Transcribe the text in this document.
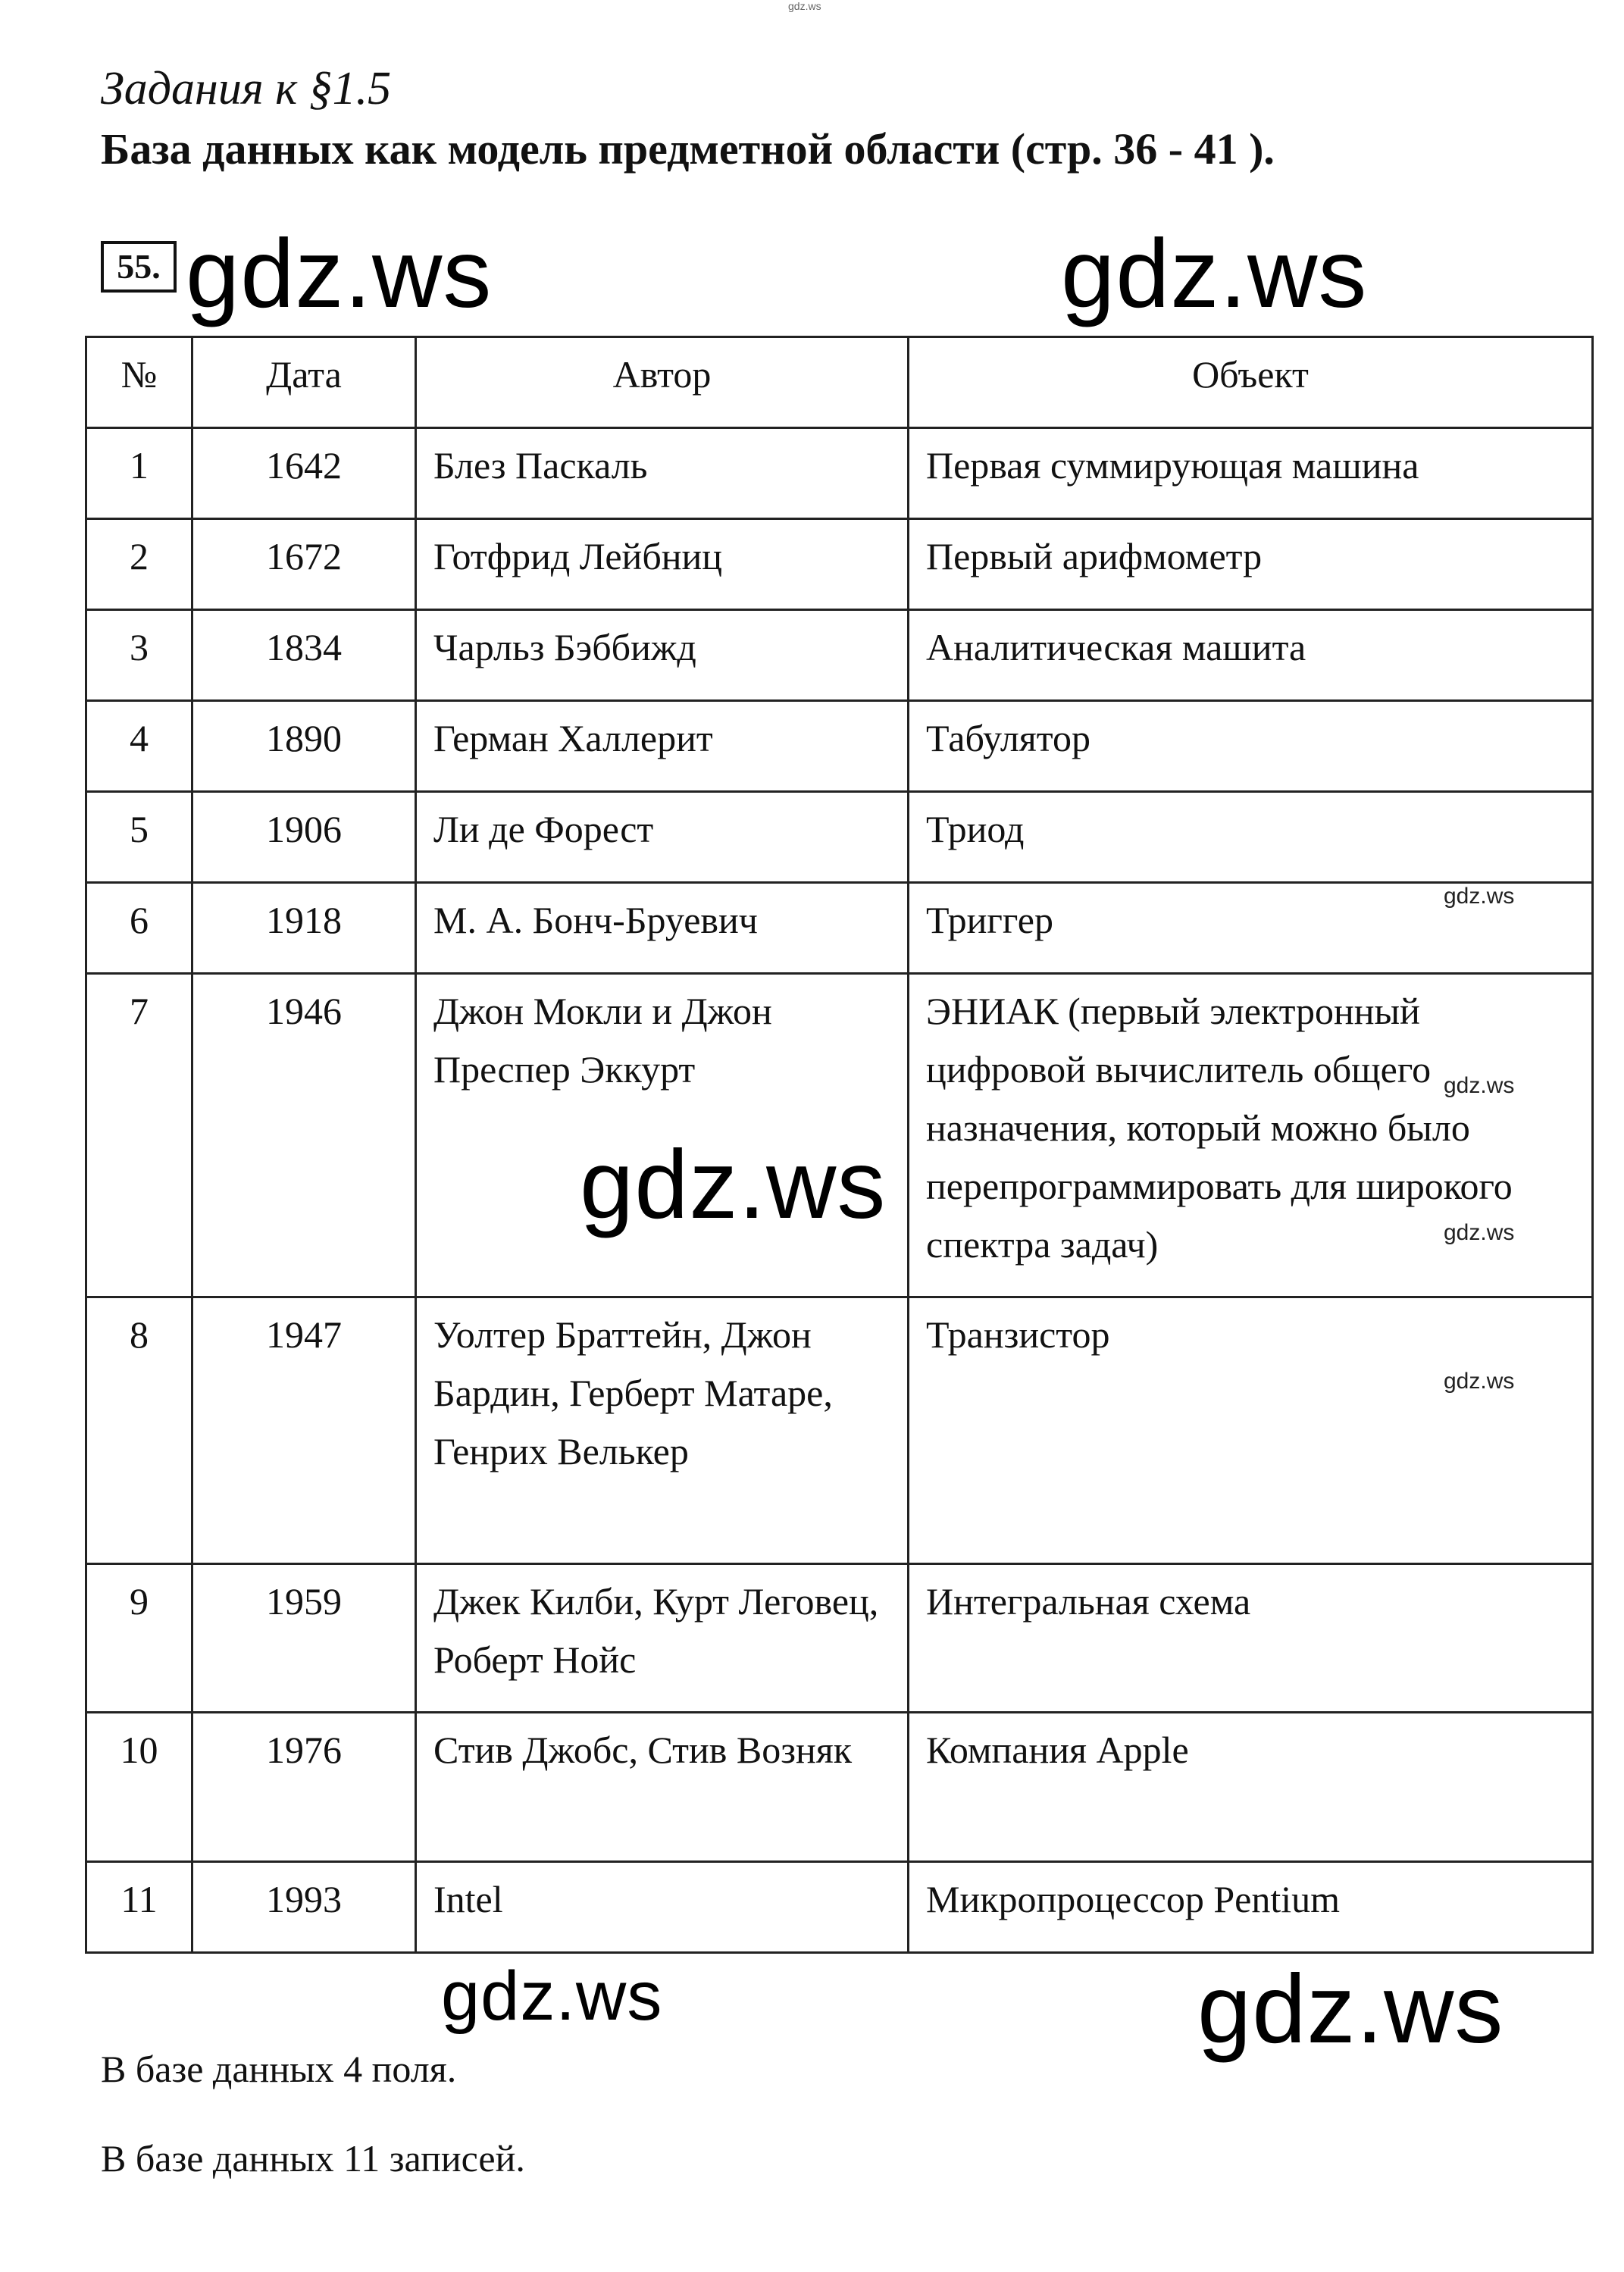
gdz.ws
Задания к §1.5
База данных как модель предметной области (стр. 36 - 41 ).
55. gdz.ws	gdz.ws
№	Дата	Автор	Объект
1	1642	Блез Паскаль	Первая суммирующая машина
2	1672	Готфрид Лейбниц	Первый арифмометр
3	1834	Чарльз Бэббижд	Аналитическая машита
4	1890	Герман Халлерит	Табулятор
5	1906	Ли де Форест	Триод
6	1918	М. А. Бонч-Бруевич	Триггер
7	1946	Джон Мокли и Джон Преспер Эккурт	ЭНИАК (первый электронный цифровой вычислитель общего назначения, который можно было перепрограммировать для широкого спектра задач)
8	1947	Уолтер Браттейн, Джон Бардин, Герберт Матаре, Генрих Велькер	Транзистор
9	1959	Джек Килби, Курт Леговец, Роберт Нойс	Интегральная схема
10	1976	Стив Джобс, Стив Возняк	Компания Apple
11	1993	Intel	Микропроцессор Pentium
gdz.ws
gdz.ws
gdz.ws
gdz.ws
gdz.ws
gdz.ws	gdz.ws
В базе данных 4 поля.
В базе данных 11 записей.
